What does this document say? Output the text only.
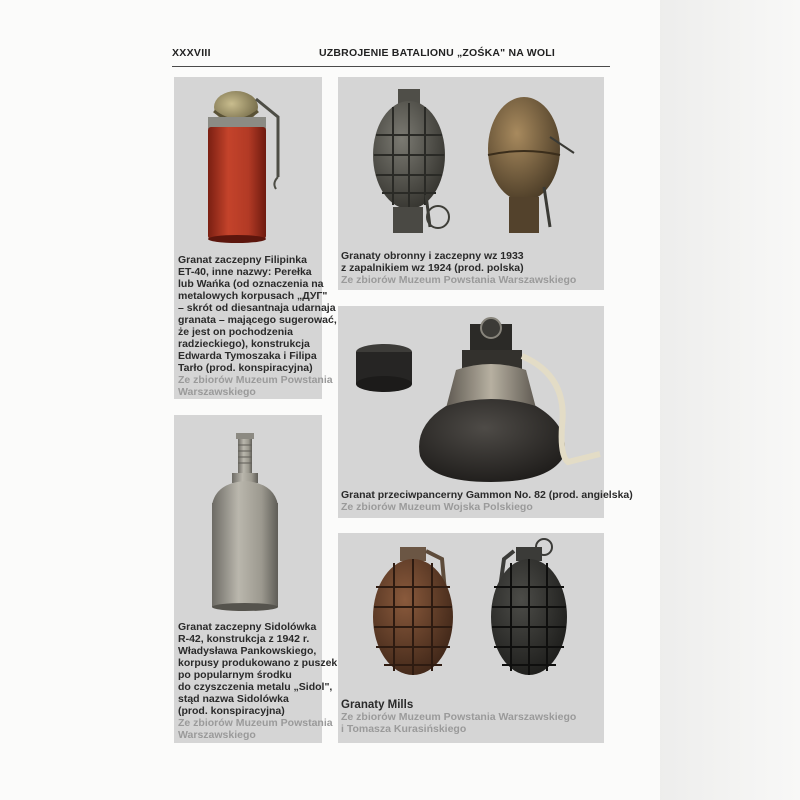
XXXVIII	UZBROJENIE BATALIONU „ZOŚKA" NA WOLI
Granat zaczepny Filipinka
ET-40, inne nazwy: Perełka
lub Wańka (od oznaczenia na
metalowych korpusach „ДУГ"
– skrót od diesantnaja udarnaja
granata – mającego sugerować,
że jest on pochodzenia
radzieckiego), konstrukcja
Edwarda Tymoszaka i Filipa
Tarło (prod. konspiracyjna)
Ze zbiorów Muzeum Powstania
Warszawskiego
Granaty obronny i zaczepny wz 1933
z zapalnikiem wz 1924 (prod. polska)
Ze zbiorów Muzeum Powstania Warszawskiego
Granat przeciwpancerny Gammon No. 82 (prod. angielska)
Ze zbiorów Muzeum Wojska Polskiego
Granat zaczepny Sidolówka
R-42, konstrukcja z 1942 r.
Władysława Pankowskiego,
korpusy produkowano z puszek
po popularnym środku
do czyszczenia metalu „Sidol",
stąd nazwa Sidolówka
(prod. konspiracyjna)
Ze zbiorów Muzeum Powstania
Warszawskiego
Granaty Mills
Ze zbiorów Muzeum Powstania Warszawskiego
i Tomasza Kurasińskiego
